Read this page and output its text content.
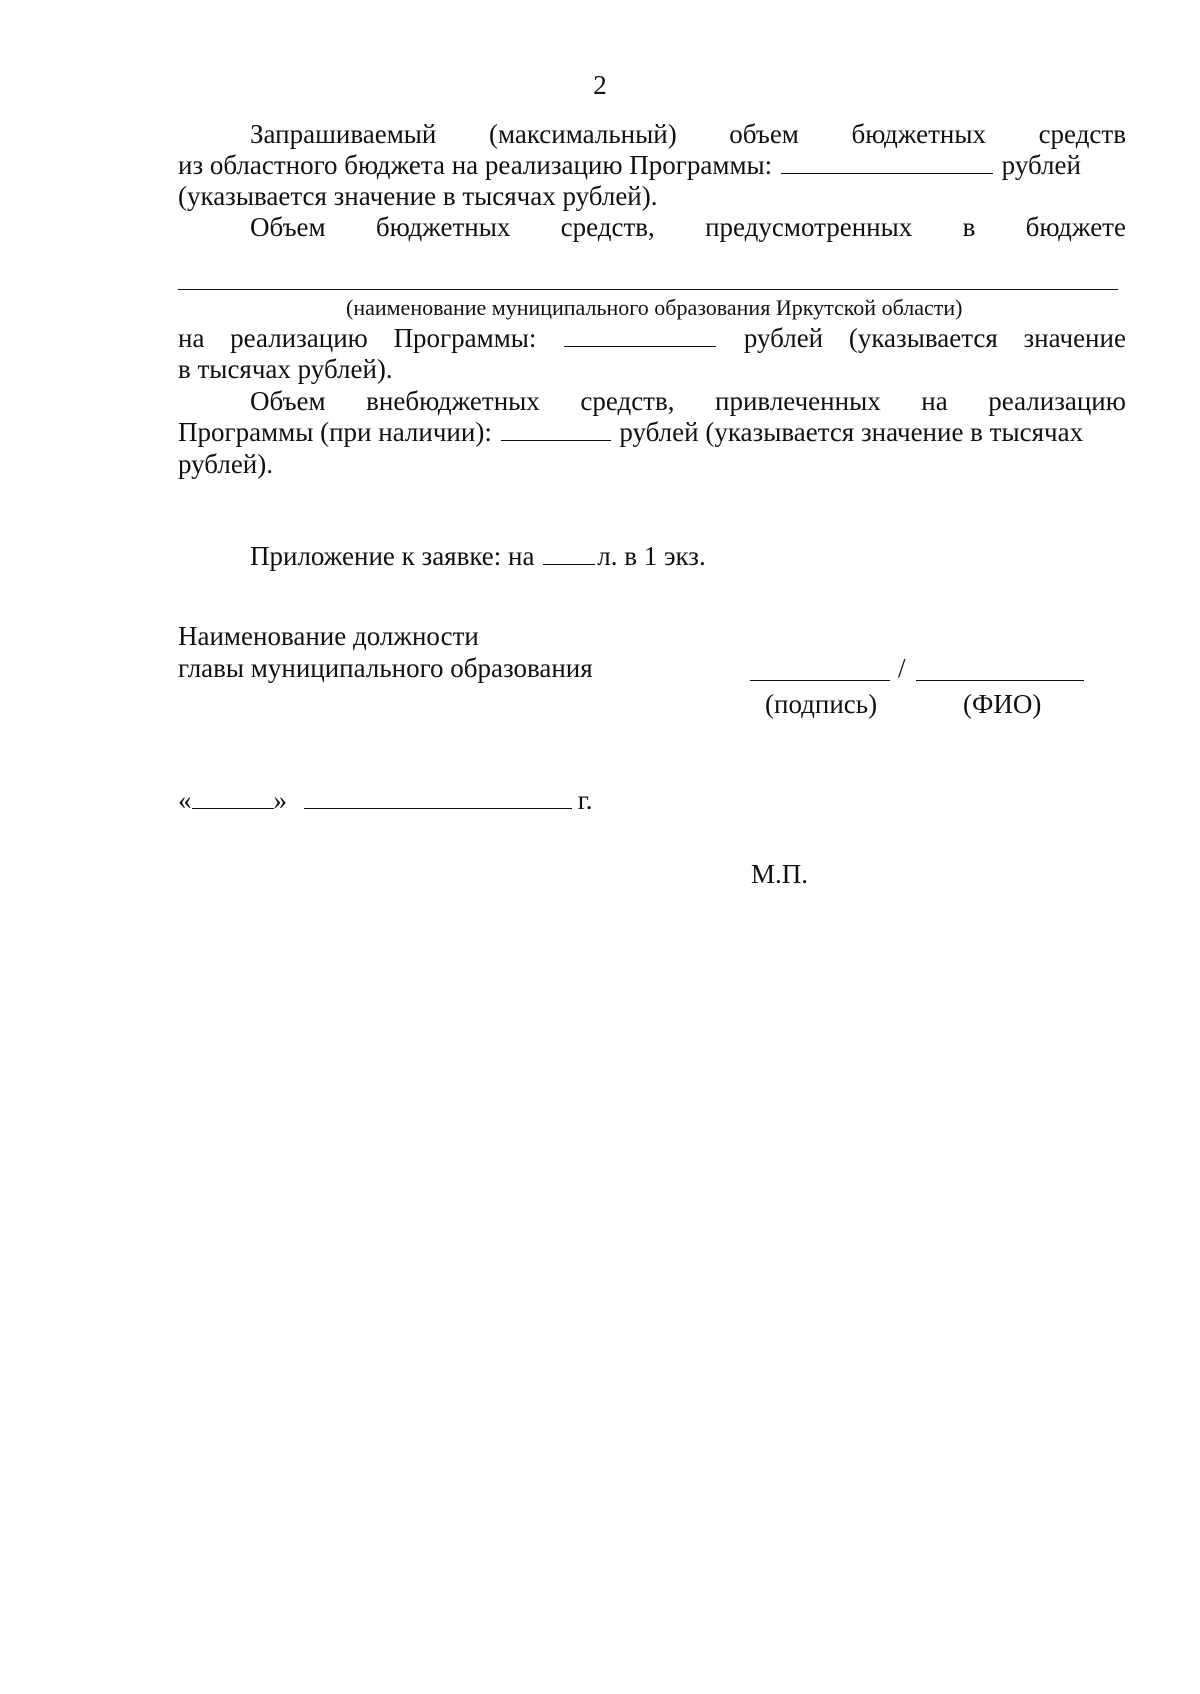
2
Запрашиваемый (максимальный) объем бюджетных средств
из областного бюджета на реализацию Программы:	рублей
(указывается значение в тысячах рублей).
Объем бюджетных средств, предусмотренных в бюджете
(наименование муниципального образования Иркутской области)
на реализацию Программы:	рублей (указывается значение
в тысячах рублей).
Объем внебюджетных средств, привлеченных на реализацию
Программы (при наличии):	рублей (указывается значение в тысячах
рублей).
Приложение к заявке: на л. в 1 экз.
Наименование должности
главы муниципального образования	/
(подпись)	(ФИО)
«	»	г.
М.П.
